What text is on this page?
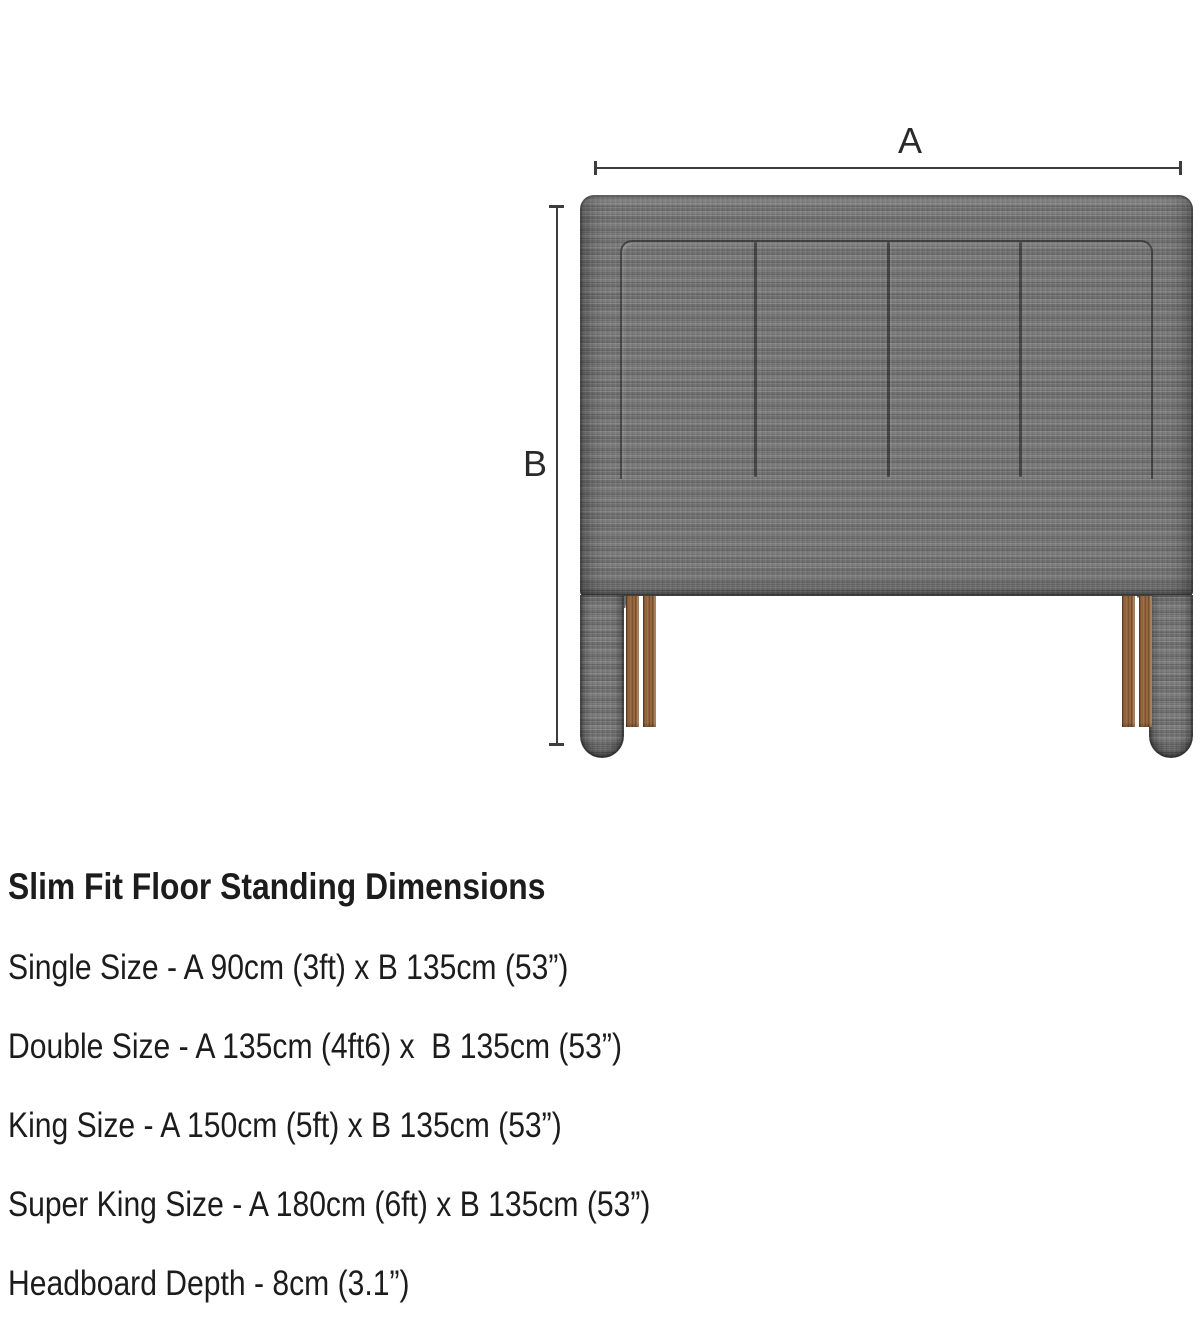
A
B

Slim Fit Floor Standing Dimensions

Single Size - A 90cm (3ft) x B 135cm (53”)

Double Size - A 135cm (4ft6) x  B 135cm (53”)

King Size - A 150cm (5ft) x B 135cm (53”)

Super King Size - A 180cm (6ft) x B 135cm (53”)

Headboard Depth - 8cm (3.1”)
